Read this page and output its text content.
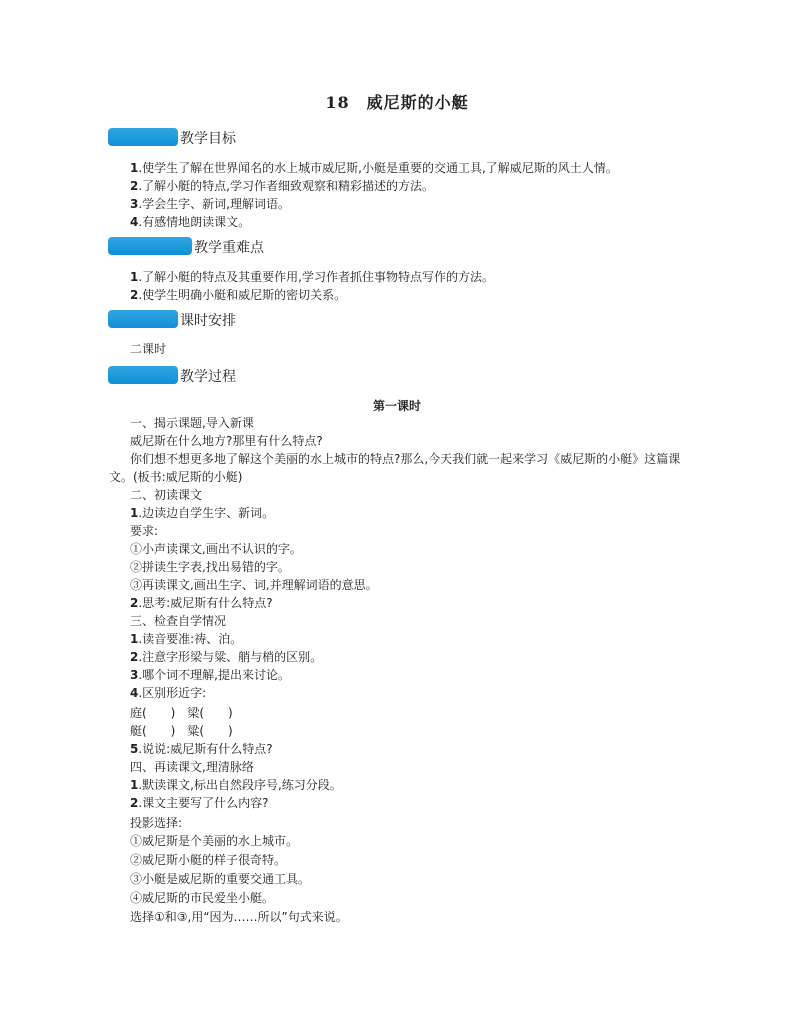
18　威尼斯的小艇
教学目标
1.使学生了解在世界闻名的水上城市威尼斯,小艇是重要的交通工具,了解威尼斯的风土人情。
2.了解小艇的特点,学习作者细致观察和精彩描述的方法。
3.学会生字、新词,理解词语。
4.有感情地朗读课文。
教学重难点
1.了解小艇的特点及其重要作用,学习作者抓住事物特点写作的方法。
2.使学生明确小艇和威尼斯的密切关系。
课时安排
二课时
教学过程
第一课时
一、揭示课题,导入新课
威尼斯在什么地方?那里有什么特点?
你们想不想更多地了解这个美丽的水上城市的特点?那么,今天我们就一起来学习《威尼斯的小艇》这篇课
文。(板书:威尼斯的小艇)
二、初读课文
1.边读边自学生字、新词。
要求:
①小声读课文,画出不认识的字。
②拼读生字表,找出易错的字。
③再读课文,画出生字、词,并理解词语的意思。
2.思考:威尼斯有什么特点?
三、检查自学情况
1.读音要准:祷、泊。
2.注意字形梁与粱、艄与梢的区别。
3.哪个词不理解,提出来讨论。
4.区别形近字:
庭(　　)　梁(　　)
艇(　　)　粱(　　)
5.说说:威尼斯有什么特点?
四、再读课文,理清脉络
1.默读课文,标出自然段序号,练习分段。
2.课文主要写了什么内容?
投影选择:
①威尼斯是个美丽的水上城市。
②威尼斯小艇的样子很奇特。
③小艇是威尼斯的重要交通工具。
④威尼斯的市民爱坐小艇。
选择①和③,用“因为……所以”句式来说。
